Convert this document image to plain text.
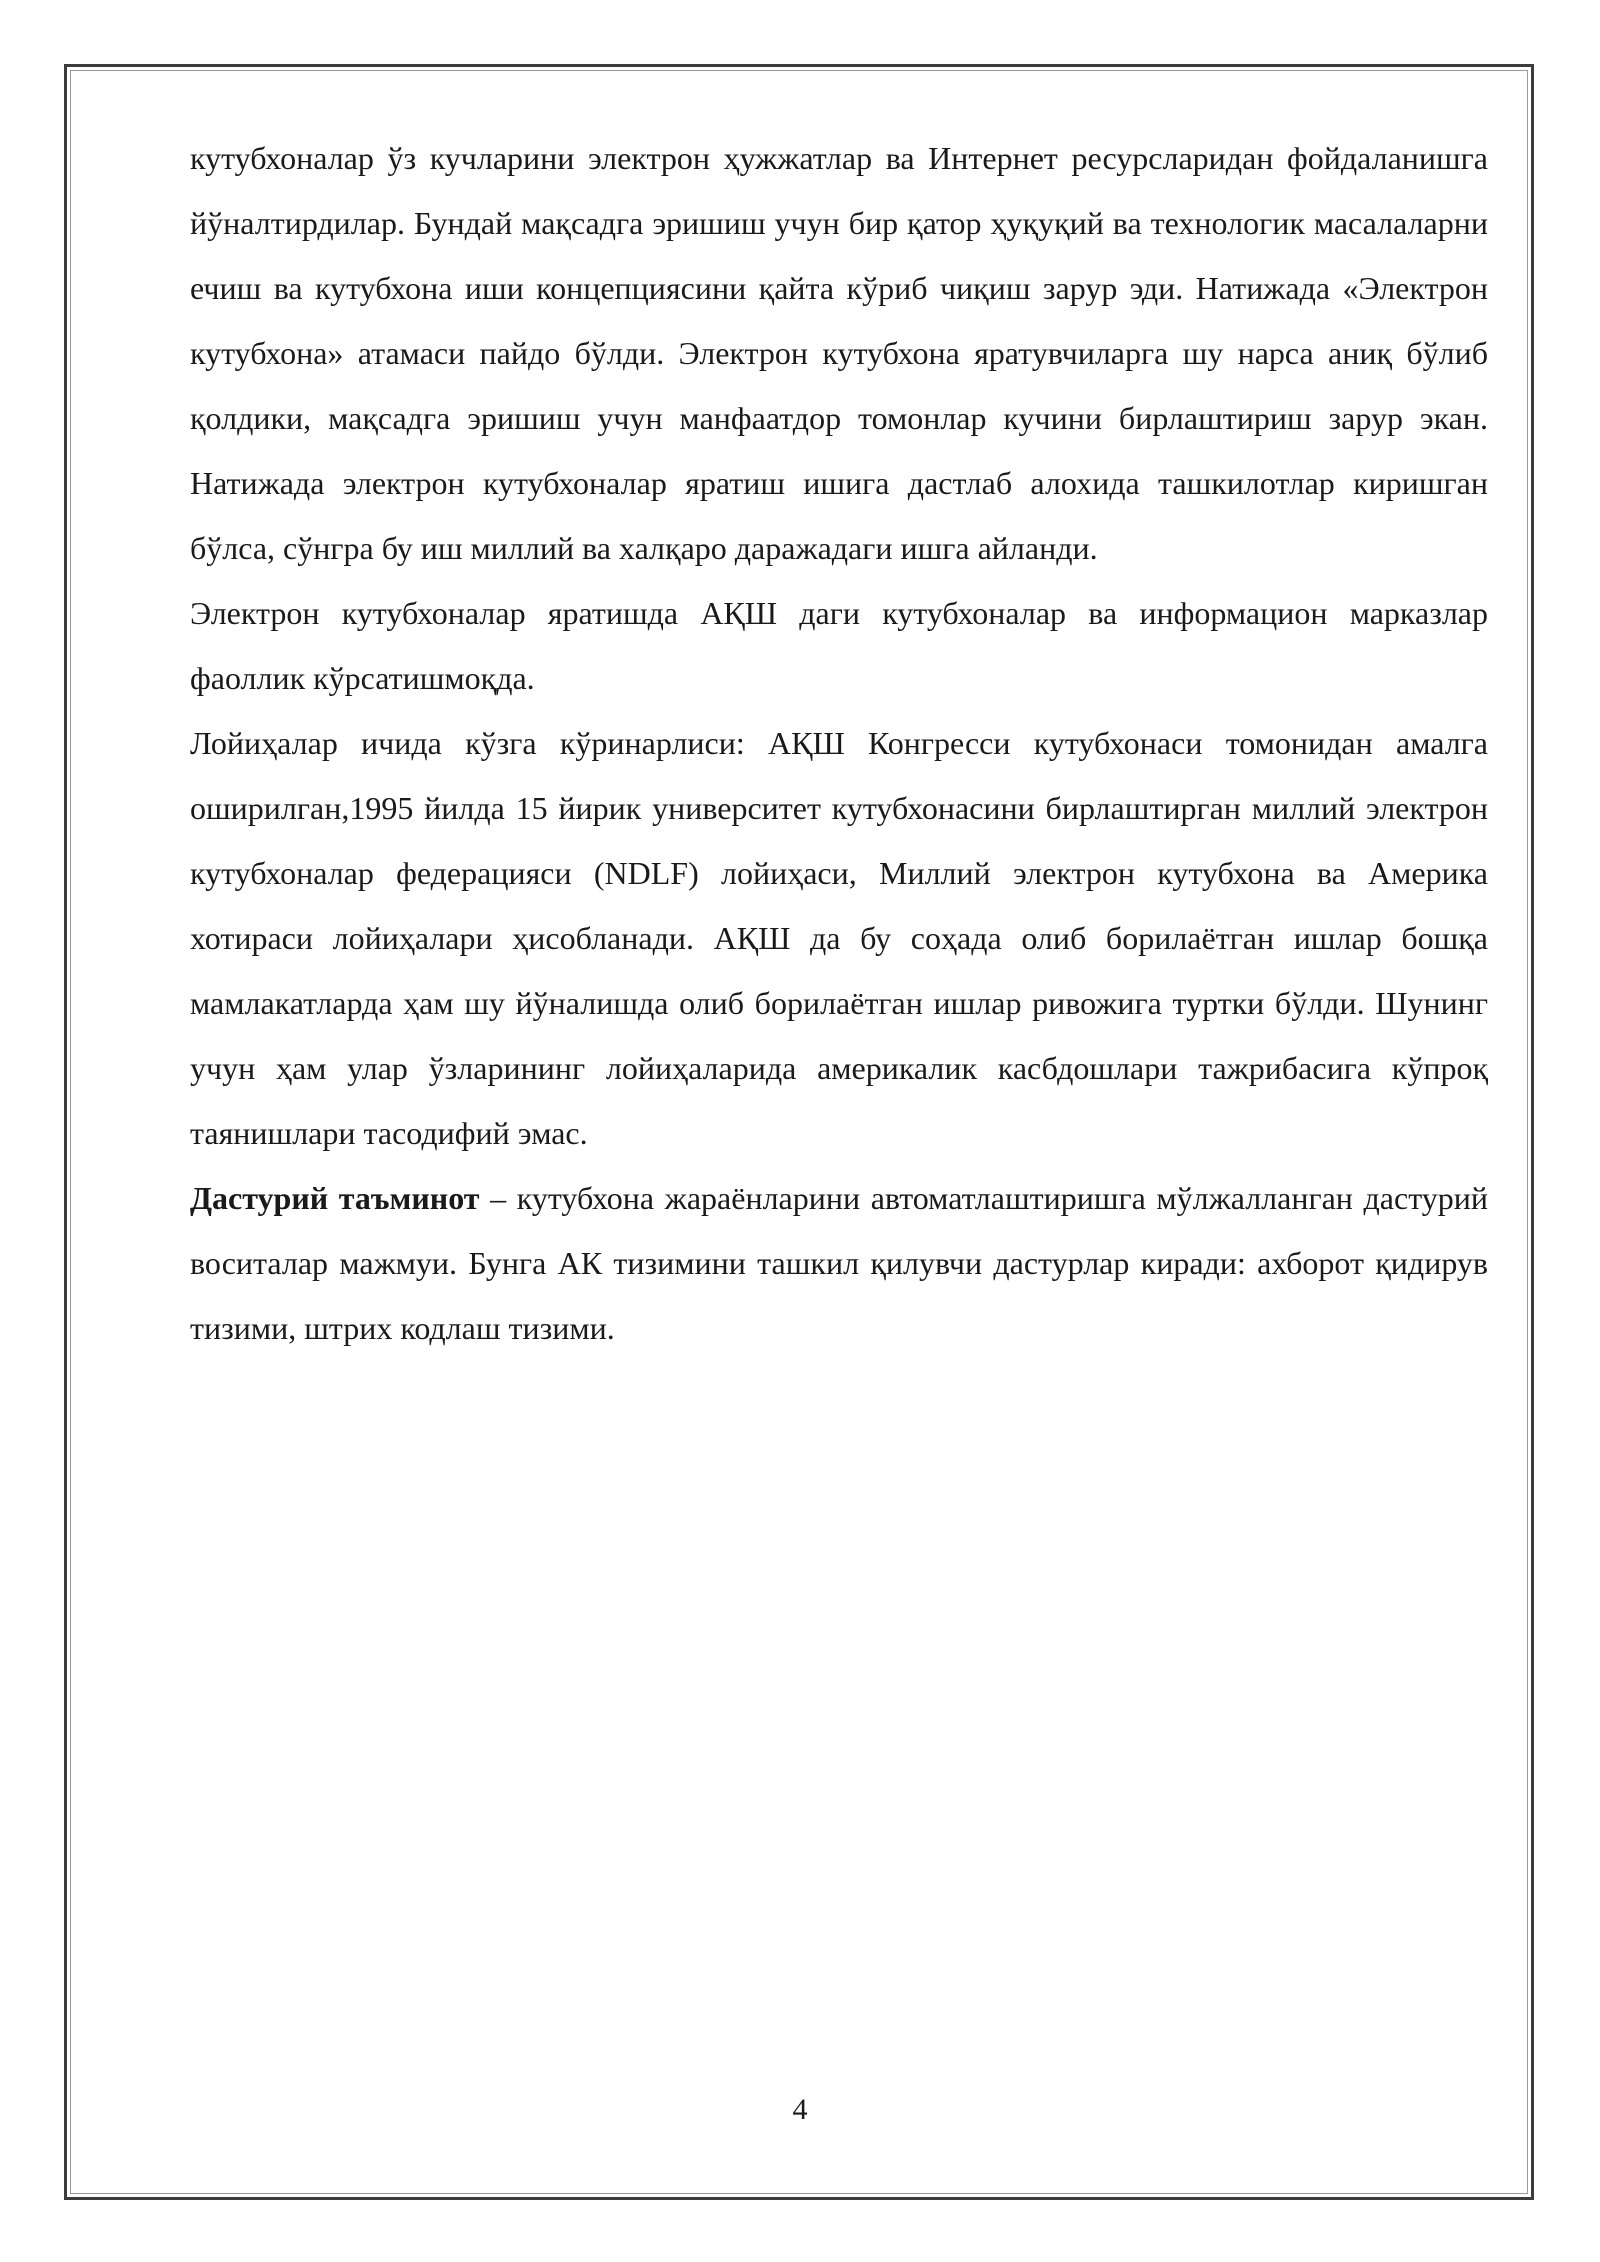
кутубхоналар ўз кучларини электрон ҳужжатлар ва Интернет ресурсларидан фойдаланишга йўналтирдилар. Бундай мақсадга эришиш учун бир қатор ҳуқуқий ва технологик масалаларни ечиш ва кутубхона иши концепциясини қайта кўриб чиқиш зарур эди. Натижада «Электрон кутубхона» атамаси пайдо бўлди. Электрон кутубхона яратувчиларга шу нарса аниқ бўлиб қолдики, мақсадга эришиш учун манфаатдор томонлар кучини бирлаштириш зарур экан. Натижада электрон кутубхоналар яратиш ишига дастлаб алохида ташкилотлар киришган бўлса, сўнгра бу иш миллий ва халқаро даражадаги ишга айланди.

Электрон кутубхоналар яратишда АҚШ даги кутубхоналар ва информацион марказлар фаоллик кўрсатишмоқда.

Лойиҳалар ичида кўзга кўринарлиси: АҚШ Конгресси кутубхонаси томонидан амалга оширилган,1995 йилда 15 йирик университет кутубхонасини бирлаштирган миллий электрон кутубхоналар федерацияси (NDLF) лойиҳаси, Миллий электрон кутубхона ва Америка хотираси лойиҳалари ҳисобланади. АҚШ да бу соҳада олиб борилаётган ишлар бошқа мамлакатларда ҳам шу йўналишда олиб борилаётган ишлар ривожига туртки бўлди. Шунинг учун ҳам улар ўзларининг лойиҳаларида америкалик касбдошлари тажрибасига кўпроқ таянишлари тасодифий эмас.

Дастурий таъминот – кутубхона жараёнларини автоматлаштиришга мўлжалланган дастурий воситалар мажмуи. Бунга АК тизимини ташкил қилувчи дастурлар киради: ахборот қидирув тизими, штрих кодлаш тизими.

4
